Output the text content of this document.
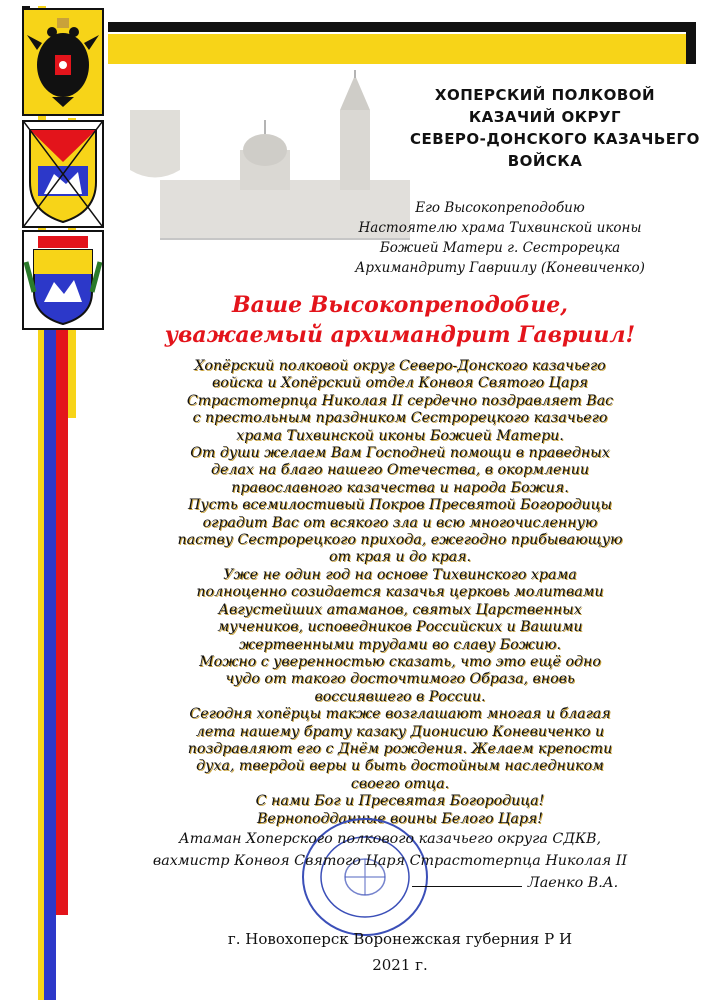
ХОПЕРСКИЙ ПОЛКОВОЙ
КАЗАЧИЙ ОКРУГ
СЕВЕРО-ДОНСКОГО КАЗАЧЬЕГО
ВОЙСКА
Его Высокопреподобию
Настоятелю храма Тихвинской иконы
Божией Матери г. Сестрорецка
Архимандриту Гавриилу (Коневиченко)
Ваше Высокопреподобие,
уважаемый архимандрит Гавриил!
Хопёрский полковой округ Северо-Донского казачьего
войска и Хопёрский отдел Конвоя Святого Царя
Страстотерпца Николая II сердечно поздравляет Вас
с престольным праздником Сестрорецкого казачьего
храма Тихвинской иконы Божией Матери.
От души желаем Вам Господней помощи в праведных
делах на благо нашего Отечества, в окормлении
православного казачества и народа Божия.
Пусть всемилостивый Покров Пресвятой Богородицы
оградит Вас от всякого зла и всю многочисленную
паству Сестрорецкого прихода, ежегодно прибывающую
от края и до края.
Уже не один год на основе Тихвинского храма
полноценно созидается казачья церковь молитвами
Августейших атаманов, святых Царственных
мучеников, исповедников Российских и Вашими
жертвенными трудами во славу Божию.
Можно с уверенностью сказать, что это ещё одно
чудо от такого досточтимого Образа, вновь
воссиявшего в России.
Сегодня хопёрцы также возглашают многая и благая
лета нашему брату казаку Дионисию Коневиченко и
поздравляют его с Днём рождения. Желаем крепости
духа, твердой веры и быть достойным наследником
своего отца.
С нами Бог и Пресвятая Богородица!
Верноподданные воины Белого Царя!
Атаман Хоперского полкового казачьего округа СДКВ,
вахмистр Конвоя Святого Царя Страстотерпца Николая II
Лаенко В.А.
г. Новохоперск Воронежская губерния Р И
2021 г.
